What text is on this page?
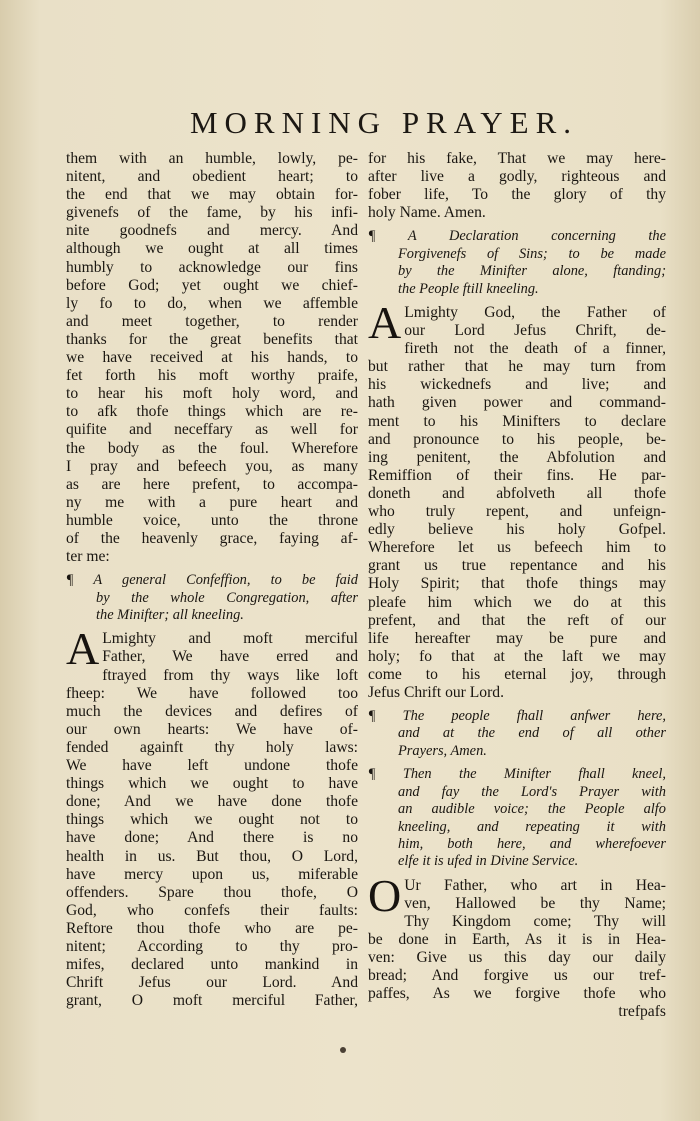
MORNING PRAYER.

them with an humble, lowly, pe-

nitent, and obedient heart; to

the end that we may obtain for-

givenefs of the fame, by his infi-

nite goodnefs and mercy. And

although we ought at all times

humbly to acknowledge our fins

before God; yet ought we chief-

ly fo to do, when we affemble

and meet together, to render

thanks for the great benefits that

we have received at his hands, to

fet forth his moft worthy praife,

to hear his moft holy word, and

to afk thofe things which are re-

quifite and neceffary as well for

the body as the foul. Wherefore

I pray and befeech you, as many

as are here prefent, to accompa-

ny me with a pure heart and

humble voice, unto the throne

of the heavenly grace, faying af-

ter me:

¶ A general Confeffion, to be faid

by the whole Congregation, after

the Minifter; all kneeling.

A Lmighty and moft merciful

Father, We have erred and

ftrayed from thy ways like loft

fheep: We have followed too

much the devices and defires of

our own hearts: We have of-

fended againft thy holy laws:

We have left undone thofe

things which we ought to have

done; And we have done thofe

things which we ought not to

have done; And there is no

health in us. But thou, O Lord,

have mercy upon us, miferable

offenders. Spare thou thofe, O

God, who confefs their faults:

Reftore thou thofe who are pe-

nitent; According to thy pro-

mifes, declared unto mankind in

Chrift Jefus our Lord. And

grant, O moft merciful Father,

for his fake, That we may here-

after live a godly, righteous and

fober life, To the glory of thy

holy Name. Amen.

¶ A Declaration concerning the

Forgivenefs of Sins; to be made

by the Minifter alone, ftanding;

the People ftill kneeling.

A Lmighty God, the Father of

our Lord Jefus Chrift, de-

fireth not the death of a finner,

but rather that he may turn from

his wickednefs and live; and

hath given power and command-

ment to his Minifters to declare

and pronounce to his people, be-

ing penitent, the Abfolution and

Remiffion of their fins. He par-

doneth and abfolveth all thofe

who truly repent, and unfeign-

edly believe his holy Gofpel.

Wherefore let us befeech him to

grant us true repentance and his

Holy Spirit; that thofe things may

pleafe him which we do at this

prefent, and that the reft of our

life hereafter may be pure and

holy; fo that at the laft we may

come to his eternal joy, through

Jefus Chrift our Lord.

¶ The people fhall anfwer here,

and at the end of all other

Prayers, Amen.

¶ Then the Minifter fhall kneel,

and fay the Lord's Prayer with

an audible voice; the People alfo

kneeling, and repeating it with

him, both here, and wherefoever

elfe it is ufed in Divine Service.

O Ur Father, who art in Hea-

ven, Hallowed be thy Name;

Thy Kingdom come; Thy will

be done in Earth, As it is in Hea-

ven: Give us this day our daily

bread; And forgive us our tref-

paffes, As we forgive thofe who

trefpafs
